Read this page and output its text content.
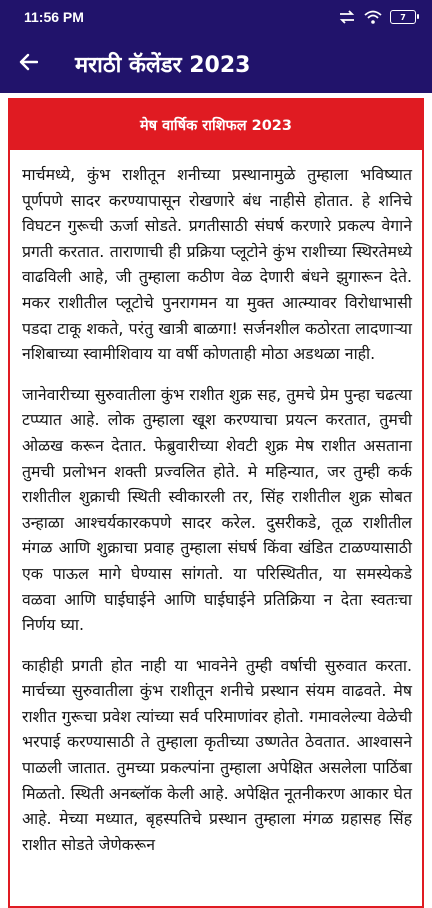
11:56 PM	7
मराठी कॅलेंडर 2023
मेष वार्षिक राशिफल 2023

मार्चमध्ये, कुंभ राशीतून शनीच्या प्रस्थानामुळे तुम्हाला भविष्यात पूर्णपणे सादर करण्यापासून रोखणारे बंध नाहीसे होतात. हे शनिचे विघटन गुरूची ऊर्जा सोडते. प्रगतीसाठी संघर्ष करणारे प्रकल्प वेगाने प्रगती करतात. ताराणाची ही प्रक्रिया प्लूटोने कुंभ राशीच्या स्थिरतेमध्ये वाढविली आहे, जी तुम्हाला कठीण वेळ देणारी बंधने झुगारून देते. मकर राशीतील प्लूटोचे पुनरागमन या मुक्त आत्म्यावर विरोधाभासी पडदा टाकू शकते, परंतु खात्री बाळगा! सर्जनशील कठोरता लादणाऱ्या नशिबाच्या स्वामीशिवाय या वर्षी कोणताही मोठा अडथळा नाही.

जानेवारीच्या सुरुवातीला कुंभ राशीत शुक्र सह, तुमचे प्रेम पुन्हा चढत्या टप्प्यात आहे. लोक तुम्हाला खूश करण्याचा प्रयत्न करतात, तुमची ओळख करून देतात. फेब्रुवारीच्या शेवटी शुक्र मेष राशीत असताना तुमची प्रलोभन शक्ती प्रज्वलित होते. मे महिन्यात, जर तुम्ही कर्क राशीतील शुक्राची स्थिती स्वीकारली तर, सिंह राशीतील शुक्र सोबत उन्हाळा आश्चर्यकारकपणे सादर करेल. दुसरीकडे, तूळ राशीतील मंगळ आणि शुक्राचा प्रवाह तुम्हाला संघर्ष किंवा खंडित टाळण्यासाठी एक पाऊल मागे घेण्यास सांगतो. या परिस्थितीत, या समस्येकडे वळवा आणि घाईघाईने आणि घाईघाईने प्रतिक्रिया न देता स्वतःचा निर्णय घ्या.

काहीही प्रगती होत नाही या भावनेने तुम्ही वर्षाची सुरुवात करता. मार्चच्या सुरुवातीला कुंभ राशीतून शनीचे प्रस्थान संयम वाढवते. मेष राशीत गुरूचा प्रवेश त्यांच्या सर्व परिमाणांवर होतो. गमावलेल्या वेळेची भरपाई करण्यासाठी ते तुम्हाला कृतीच्या उष्णतेत ठेवतात. आश्वासने पाळली जातात. तुमच्या प्रकल्पांना तुम्हाला अपेक्षित असलेला पाठिंबा मिळतो. स्थिती अनब्लॉक केली आहे. अपेक्षित नूतनीकरण आकार घेत आहे. मेच्या मध्यात, बृहस्पतिचे प्रस्थान तुम्हाला मंगळ ग्रहासह सिंह राशीत सोडते जेणेकरून
